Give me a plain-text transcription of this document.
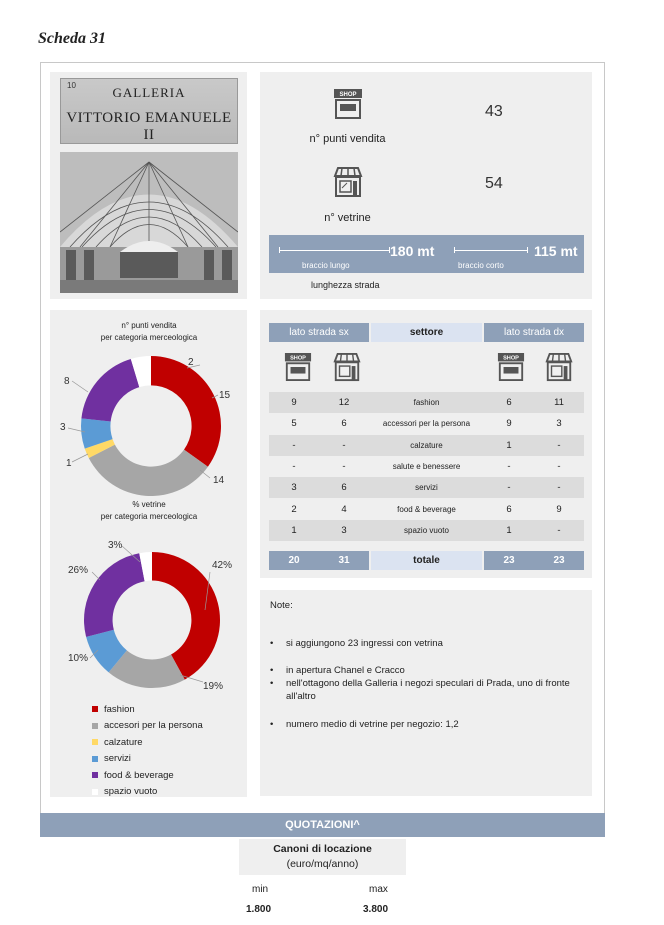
Scheda 31
10	GALLERIA
VITTORIO EMANUELE II
SHOP
43
n° punti vendita
54
n° vetrine
braccio lungo
180 mt
braccio corto
115 mt
lunghezza strada
n° punti vendita
per categoria merceologica
15
14
1
3
8
2
% vetrine
per categoria merceologica
42%
19%
10%
26%
3%
fashion
accesori per la persona
calzature
servizi
food & beverage
spazio vuoto
lato strada sx	settore	lato strada dx
SHOP	SHOP
9	12	fashion	6	11
5	6	accessori per la persona	9	3
-	-	calzature	1	-
-	-	salute e benessere	-	-
3	6	servizi	-	-
2	4	food & beverage	6	9
1	3	spazio vuoto	1	-
20	31	totale	23	23
Note:
•	si aggiungono 23 ingressi con vetrina
•	in apertura Chanel e Cracco
•	nell'ottagono della Galleria i negozi speculari di Prada, uno di fronte all'altro
•	numero medio di vetrine per negozio: 1,2
QUOTAZIONI^
Canoni di locazione
(euro/mq/anno)
min	max
1.800	3.800
